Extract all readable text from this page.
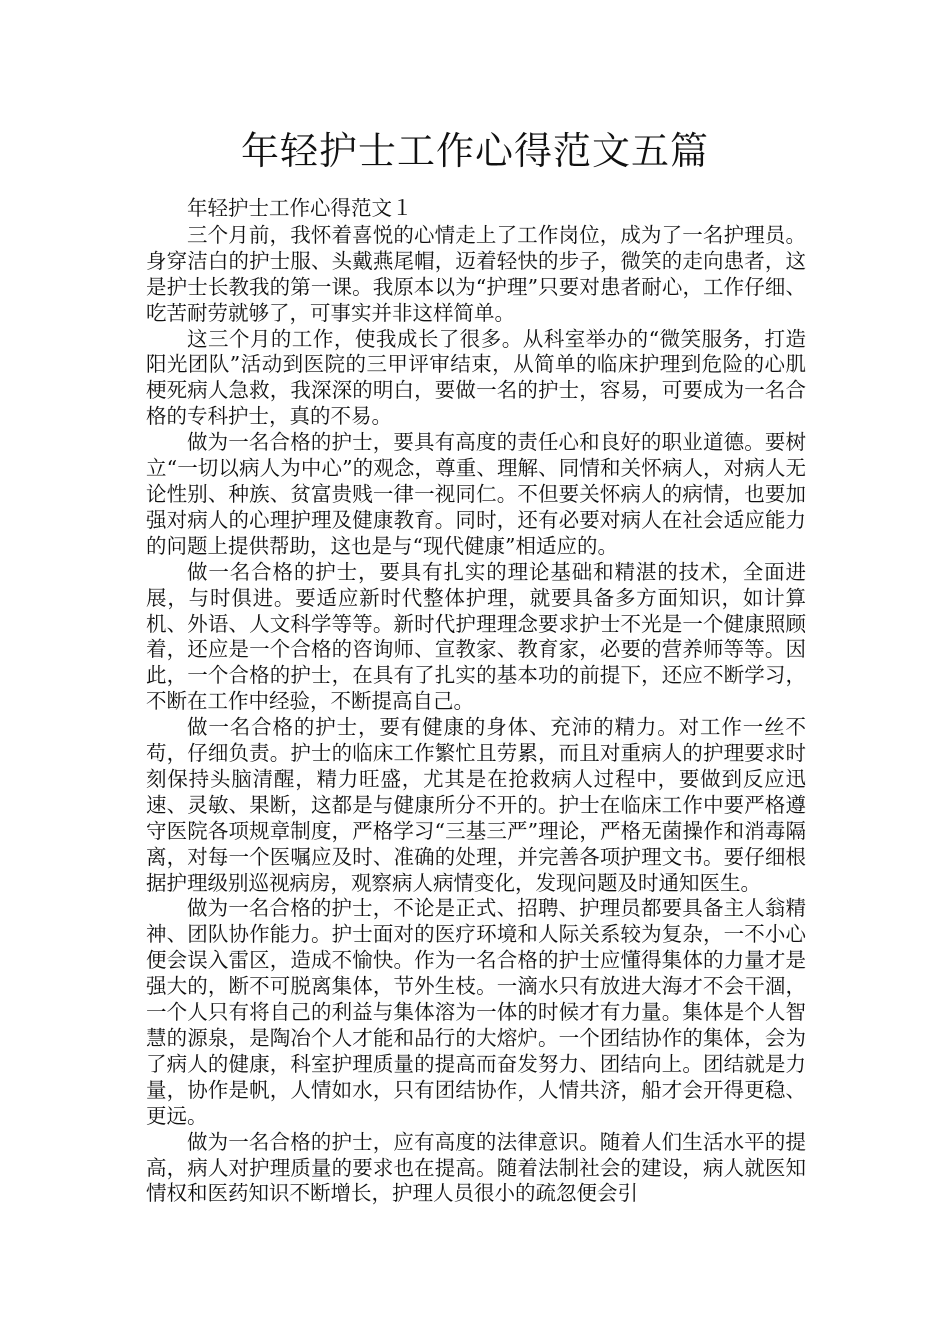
年轻护士工作心得范文五篇

年轻护士工作心得范文１

三个月前，我怀着喜悦的心情走上了工作岗位，成为了一名护理员。身穿洁白的护士服、头戴燕尾帽，迈着轻快的步子，微笑的走向患者，这是护士长教我的第一课。我原本以为“护理”只要对患者耐心，工作仔细、吃苦耐劳就够了，可事实并非这样简单。

这三个月的工作，使我成长了很多。从科室举办的“微笑服务，打造阳光团队”活动到医院的三甲评审结束，从简单的临床护理到危险的心肌梗死病人急救，我深深的明白，要做一名的护士，容易，可要成为一名合格的专科护士，真的不易。

做为一名合格的护士，要具有高度的责任心和良好的职业道德。要树立“一切以病人为中心”的观念，尊重、理解、同情和关怀病人，对病人无论性别、种族、贫富贵贱一律一视同仁。不但要关怀病人的病情，也要加强对病人的心理护理及健康教育。同时，还有必要对病人在社会适应能力的问题上提供帮助，这也是与“现代健康”相适应的。

做一名合格的护士，要具有扎实的理论基础和精湛的技术，全面进展，与时俱进。要适应新时代整体护理，就要具备多方面知识，如计算机、外语、人文科学等等。新时代护理理念要求护士不光是一个健康照顾着，还应是一个合格的咨询师、宣教家、教育家，必要的营养师等等。因此，一个合格的护士，在具有了扎实的基本功的前提下，还应不断学习，不断在工作中经验，不断提高自己。

做一名合格的护士，要有健康的身体、充沛的精力。对工作一丝不苟，仔细负责。护士的临床工作繁忙且劳累，而且对重病人的护理要求时刻保持头脑清醒，精力旺盛，尤其是在抢救病人过程中，要做到反应迅速、灵敏、果断，这都是与健康所分不开的。护士在临床工作中要严格遵守医院各项规章制度，严格学习“三基三严”理论，严格无菌操作和消毒隔离，对每一个医嘱应及时、准确的处理，并完善各项护理文书。要仔细根据护理级别巡视病房，观察病人病情变化，发现问题及时通知医生。

做为一名合格的护士，不论是正式、招聘、护理员都要具备主人翁精神、团队协作能力。护士面对的医疗环境和人际关系较为复杂，一不小心便会误入雷区，造成不愉快。作为一名合格的护士应懂得集体的力量才是强大的，断不可脱离集体，节外生枝。一滴水只有放进大海才不会干涸，一个人只有将自己的利益与集体溶为一体的时候才有力量。集体是个人智慧的源泉，是陶冶个人才能和品行的大熔炉。一个团结协作的集体，会为了病人的健康，科室护理质量的提高而奋发努力、团结向上。团结就是力量，协作是帆，人情如水，只有团结协作，人情共济，船才会开得更稳、更远。

做为一名合格的护士，应有高度的法律意识。随着人们生活水平的提高，病人对护理质量的要求也在提高。随着法制社会的建设，病人就医知情权和医药知识不断增长，护理人员很小的疏忽便会引
